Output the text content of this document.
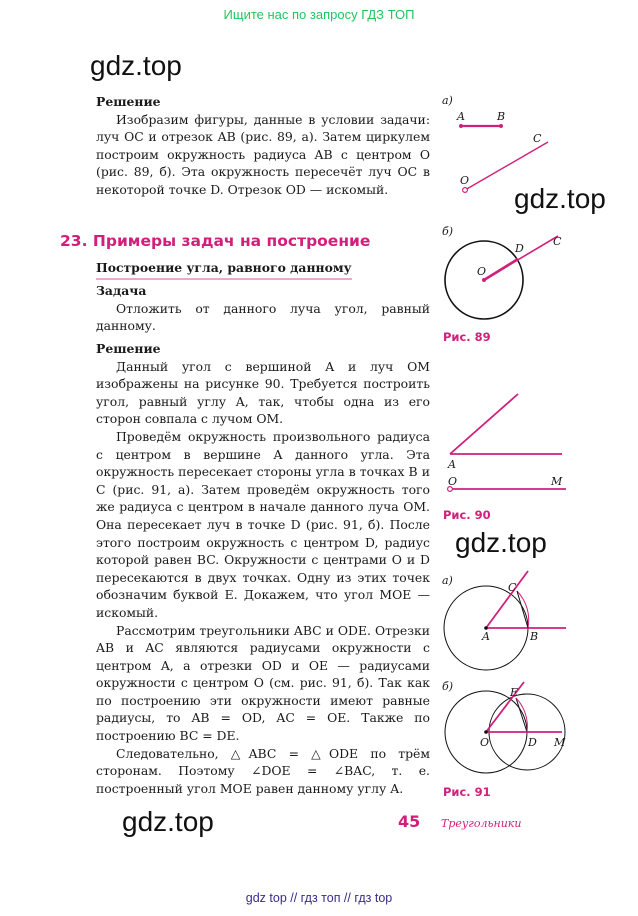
Ищите нас по запросу ГДЗ ТОП
gdz.top
gdz.top
gdz.top
gdz.top

Решение

Изобразим фигуры, данные в условии задачи: луч OC и отрезок AB (рис. 89, а). Затем циркулем построим окружность радиуса AB с центром O (рис. 89, б). Эта окружность пересечёт луч OC в некоторой точке D. Отрезок OD — искомый.

23. Примеры задач на построение
Построение угла, равного данному

Задача

Отложить от данного луча угол, равный данному.

Решение

Данный угол с вершиной A и луч OM изображены на рисунке 90. Требуется построить угол, равный углу A, так, чтобы одна из его сторон совпала с лучом OM.

Проведём окружность произвольного радиуса с центром в вершине A данного угла. Эта окружность пересекает стороны угла в точках B и C (рис. 91, а). Затем проведём окружность того же радиуса с центром в начале данного луча OM. Она пересекает луч в точке D (рис. 91, б). После этого построим окружность с центром D, радиус которой равен BC. Окружности с центрами O и D пересекаются в двух точках. Одну из этих точек обозначим буквой E. Докажем, что угол MOE — искомый.

Рассмотрим треугольники ABC и ODE. Отрезки AB и AC являются радиусами окружности с центром A, а отрезки OD и OE — радиусами окружности с центром O (см. рис. 91, б). Так как по построению эти окружности имеют равные радиусы, то AB = OD, AC = OE. Также по построению BC = DE.

Следовательно, △ABC = △ODE по трём сторонам. Поэтому ∠DOE = ∠BAC, т. е. построенный угол MOE равен данному углу A.

а)
A	B
O
C
б)
O
D
C
Рис. 89
A
O	M
Рис. 90
а)
C
A	B
б)	E
O	D M
Рис. 91
45 Треугольники
gdz top // гдз топ // гдз top
